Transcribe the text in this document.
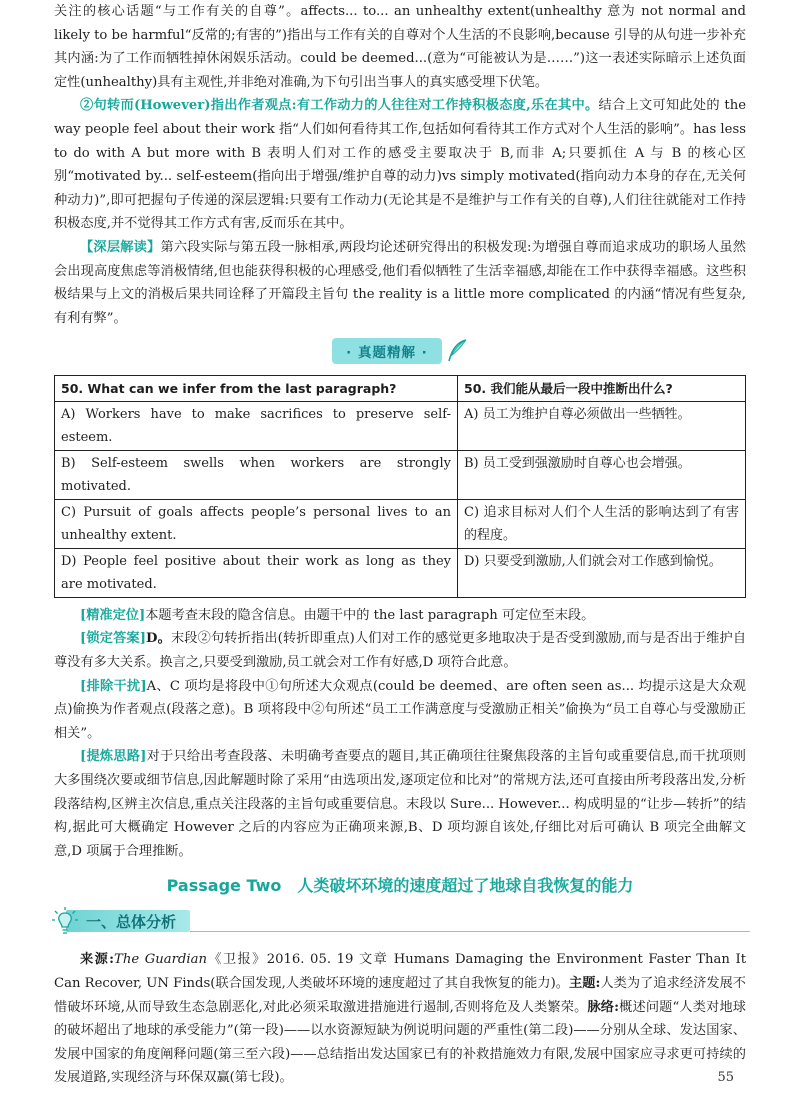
关注的核心话题“与工作有关的自尊”。affects... to... an unhealthy extent(unhealthy 意为 not normal and likely to be harmful“反常的;有害的”)指出与工作有关的自尊对个人生活的不良影响,because 引导的从句进一步补充其内涵:为了工作而牺牲掉休闲娱乐活动。could be deemed...(意为“可能被认为是……”)这一表述实际暗示上述负面定性(unhealthy)具有主观性,并非绝对准确,为下句引出当事人的真实感受埋下伏笔。

②句转而(However)指出作者观点:有工作动力的人往往对工作持积极态度,乐在其中。结合上文可知此处的 the way people feel about their work 指“人们如何看待其工作,包括如何看待其工作方式对个人生活的影响”。has less to do with A but more with B 表明人们对工作的感受主要取决于 B,而非 A;只要抓住 A 与 B 的核心区别“motivated by... self-esteem(指向出于增强/维护自尊的动力)vs simply motivated(指向动力本身的存在,无关何种动力)”,即可把握句子传递的深层逻辑:只要有工作动力(无论其是不是维护与工作有关的自尊),人们往往就能对工作持积极态度,并不觉得其工作方式有害,反而乐在其中。

【深层解读】第六段实际与第五段一脉相承,两段均论述研究得出的积极发现:为增强自尊而追求成功的职场人虽然会出现高度焦虑等消极情绪,但也能获得积极的心理感受,他们看似牺牲了生活幸福感,却能在工作中获得幸福感。这些积极结果与上文的消极后果共同诠释了开篇段主旨句 the reality is a little more complicated 的内涵“情况有些复杂,有利有弊”。

· 真题精解 ·
50. What can we infer from the last paragraph?	50. 我们能从最后一段中推断出什么?
A) Workers have to make sacrifices to preserve self-esteem.	A) 员工为维护自尊必须做出一些牺牲。
B) Self-esteem swells when workers are strongly motivated.	B) 员工受到强激励时自尊心也会增强。
C) Pursuit of goals affects people’s personal lives to an unhealthy extent.	C) 追求目标对人们个人生活的影响达到了有害的程度。
D) People feel positive about their work as long as they are motivated.	D) 只要受到激励,人们就会对工作感到愉悦。

[精准定位]本题考查末段的隐含信息。由题干中的 the last paragraph 可定位至末段。

[锁定答案]D。末段②句转折指出(转折即重点)人们对工作的感觉更多地取决于是否受到激励,而与是否出于维护自尊没有多大关系。换言之,只要受到激励,员工就会对工作有好感,D 项符合此意。

[排除干扰]A、C 项均是将段中①句所述大众观点(could be deemed、are often seen as... 均提示这是大众观点)偷换为作者观点(段落之意)。B 项将段中②句所述“员工工作满意度与受激励正相关”偷换为“员工自尊心与受激励正相关”。

[提炼思路]对于只给出考查段落、未明确考查要点的题目,其正确项往往聚焦段落的主旨句或重要信息,而干扰项则大多围绕次要或细节信息,因此解题时除了采用“由选项出发,逐项定位和比对”的常规方法,还可直接由所考段落出发,分析段落结构,区辨主次信息,重点关注段落的主旨句或重要信息。末段以 Sure... However... 构成明显的“让步—转折”的结构,据此可大概确定 However 之后的内容应为正确项来源,B、D 项均源自该处,仔细比对后可确认 B 项完全曲解文意,D 项属于合理推断。

Passage Two　人类破坏环境的速度超过了地球自我恢复的能力
一、总体分析

来源:The Guardian《卫报》2016. 05. 19 文章 Humans Damaging the Environment Faster Than It Can Recover, UN Finds(联合国发现,人类破坏环境的速度超过了其自我恢复的能力)。主题:人类为了追求经济发展不惜破坏环境,从而导致生态急剧恶化,对此必须采取激进措施进行遏制,否则将危及人类繁荣。脉络:概述问题“人类对地球的破坏超出了地球的承受能力”(第一段)——以水资源短缺为例说明问题的严重性(第二段)——分别从全球、发达国家、发展中国家的角度阐释问题(第三至六段)——总结指出发达国家已有的补救措施效力有限,发展中国家应寻求更可持续的发展道路,实现经济与环保双赢(第七段)。	55
